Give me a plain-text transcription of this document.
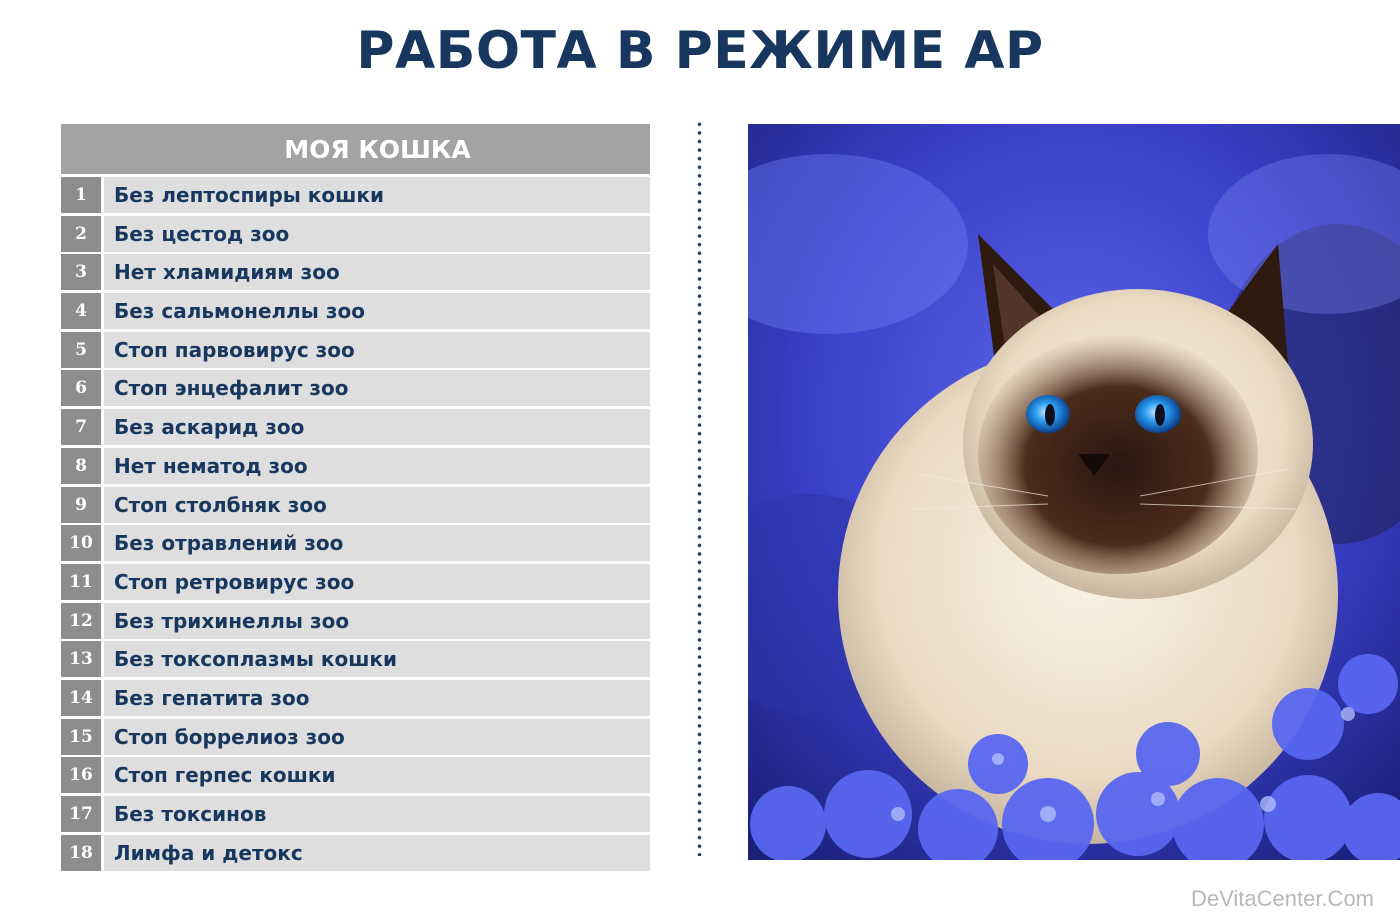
РАБОТА В РЕЖИМЕ АР
МОЯ КОШКА
1	Без лептоспиры кошки
2	Без цестод зоо
3	Нет хламидиям зоо
4	Без сальмонеллы зоо
5	Стоп парвовирус зоо
6	Стоп энцефалит зоо
7	Без аскарид зоо
8	Нет нематод зоо
9	Стоп столбняк зоо
10	Без отравлений зоо
11	Стоп ретровирус зоо
12	Без трихинеллы зоо
13	Без токсоплазмы кошки
14	Без гепатита зоо
15	Стоп боррелиоз зоо
16	Стоп герпес кошки
17	Без токсинов
18	Лимфа и детокс
DeVitaCenter.Com
